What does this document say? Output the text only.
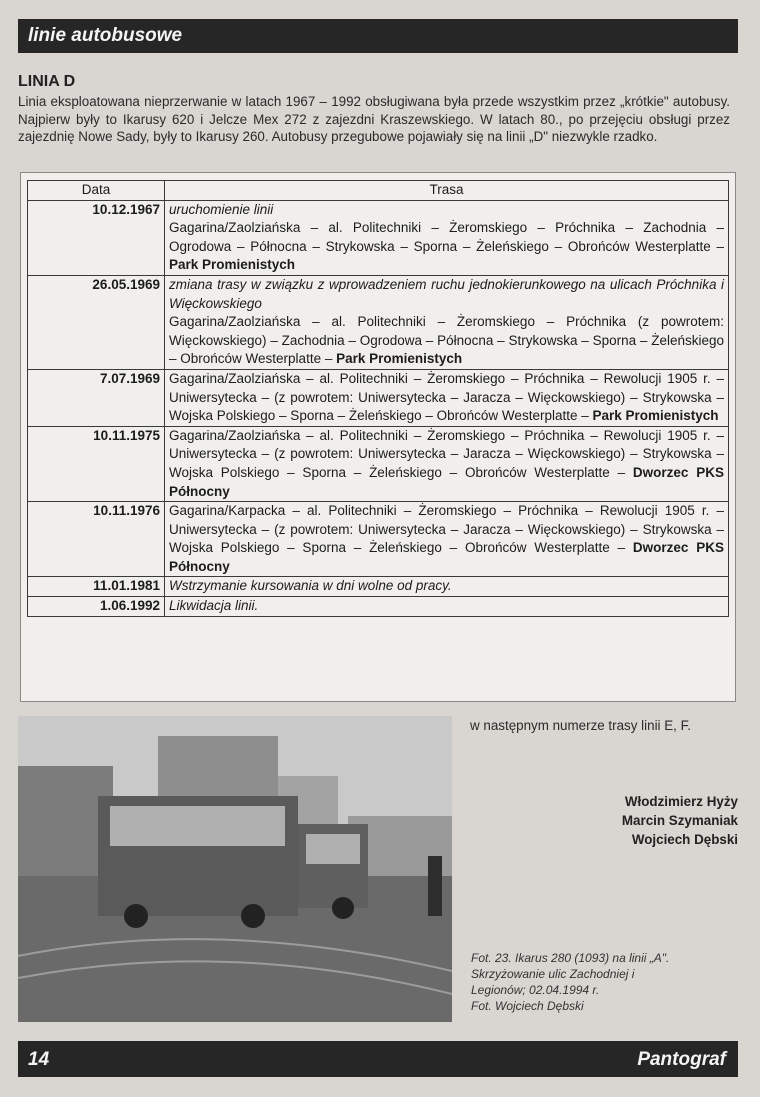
linie autobusowe
LINIA D
Linia eksploatowana nieprzerwanie w latach 1967 – 1992 obsługiwana była przede wszystkim przez „krótkie" autobusy. Najpierw były to Ikarusy 620 i Jelcze Mex 272 z zajezdni Kraszewskiego. W latach 80., po przejęciu obsługi przez zajezdnię Nowe Sady, były to Ikarusy 260. Autobusy przegubowe pojawiały się na linii „D" niezwykle rzadko.
Data	Trasa
10.12.1967	uruchomienie linii
Gagarina/Zaolziańska – al. Politechniki – Żeromskiego – Próchnika – Zachodnia – Ogrodowa – Północna – Strykowska – Sporna – Żeleńskiego – Obrońców Westerplatte – Park Promienistych

26.05.1969	zmiana trasy w związku z wprowadzeniem ruchu jednokierunkowego na ulicach Próchnika i Więckowskiego
Gagarina/Zaolziańska – al. Politechniki – Żeromskiego – Próchnika (z powrotem: Więckowskiego) – Zachodnia – Ogrodowa – Północna – Strykowska – Sporna – Żeleńskiego – Obrońców Westerplatte – Park Promienistych

7.07.1969	Gagarina/Zaolziańska – al. Politechniki – Żeromskiego – Próchnika – Rewolucji 1905 r. – Uniwersytecka – (z powrotem: Uniwersytecka – Jaracza – Więckowskiego) – Strykowska – Wojska Polskiego – Sporna – Żeleńskiego – Obrońców Westerplatte – Park Promienistych

10.11.1975	Gagarina/Zaolziańska – al. Politechniki – Żeromskiego – Próchnika – Rewolucji 1905 r. – Uniwersytecka – (z powrotem: Uniwersytecka – Jaracza – Więckowskiego) – Strykowska – Wojska Polskiego – Sporna – Żeleńskiego – Obrońców Westerplatte – Dworzec PKS Północny

10.11.1976	Gagarina/Karpacka – al. Politechniki – Żeromskiego – Próchnika – Rewolucji 1905 r. – Uniwersytecka – (z powrotem: Uniwersytecka – Jaracza – Więckowskiego) – Strykowska – Wojska Polskiego – Sporna – Żeleńskiego – Obrońców Westerplatte – Dworzec PKS Północny

11.01.1981	Wstrzymanie kursowania w dni wolne od pracy.

1.06.1992	Likwidacja linii.
w następnym numerze trasy linii E, F.
Włodzimierz Hyży
Marcin Szymaniak
Wojciech Dębski
Fot. 23. Ikarus 280 (1093) na linii „A".
Skrzyżowanie ulic Zachodniej i
Legionów; 02.04.1994 r.
Fot. Wojciech Dębski
14	Pantograf
